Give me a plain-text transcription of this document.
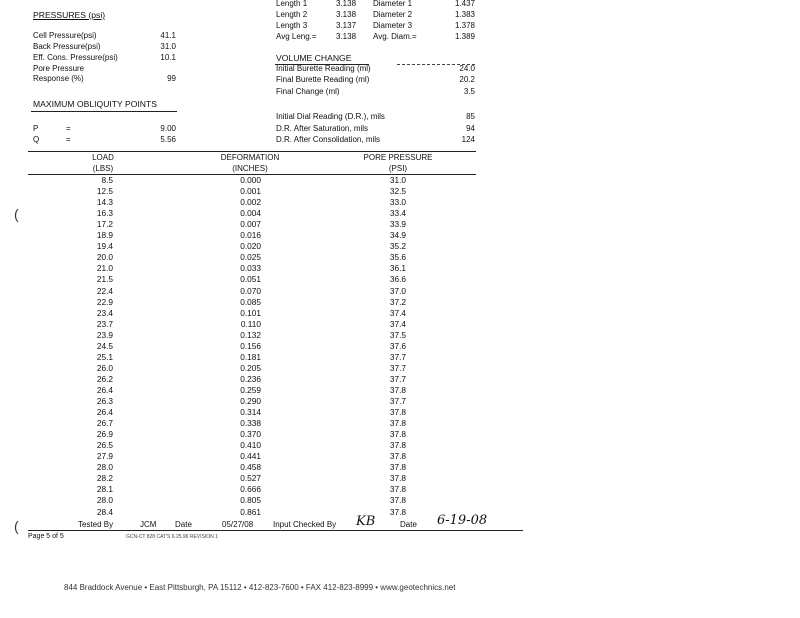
PRESSURES (psi)
Cell Pressure(psi)	41.1
Back Pressure(psi)	31.0
Eff. Cons. Pressure(psi)	10.1
Pore Pressure
Response (%)	99
MAXIMUM OBLIQUITY POINTS
P	=	9.00
Q	=	5.56
Length 1	3.138 Diameter 1	1.437
Length 2	3.138 Diameter 2	1.383
Length 3	3.137 Diameter 3	1.378
Avg Leng.= 3.138 Avg. Diam.=	1.389
VOLUME CHANGE
Initial Burette Reading (ml)	24.0
Final Burette Reading (ml)	20.2
Final Change (ml)	3.5
Initial Dial Reading (D.R.), mils	85
D.R. After Saturation, mils	94
D.R. After Consolidation, mils	124
LOAD
(LBS)
DEFORMATION
(INCHES)
PORE PRESSURE
(PSI)
8.5	0.000	31.0
12.5	0.001	32.5
14.3	0.002	33.0
16.3	0.004	33.4
17.2	0.007	33.9
18.9	0.016	34.9
19.4	0.020	35.2
20.0	0.025	35.6
21.0	0.033	36.1
21.5	0.051	36.6
22.4	0.070	37.0
22.9	0.085	37.2
23.4	0.101	37.4
23.7	0.110	37.4
23.9	0.132	37.5
24.5	0.156	37.6
25.1	0.181	37.7
26.0	0.205	37.7
26.2	0.236	37.7
26.4	0.259	37.8
26.3	0.290	37.7
26.4	0.314	37.8
26.7	0.338	37.8
26.9	0.370	37.8
26.5	0.410	37.8
27.9	0.441	37.8
28.0	0.458	37.8
28.2	0.527	37.8
28.1	0.666	37.8
28.0	0.805	37.8
28.4	0.861	37.8
Tested By	JCM Date	05/27/08 Input Checked By KB	Date 6-19-08
Page 5 of 5	GCN-CT 828 CAT'S 6.25.96 REVISION 1
844 Braddock Avenue • East Pittsburgh, PA 15112 • 412-823-7600 • FAX 412-823-8999 • www.geotechnics.net
(
(
